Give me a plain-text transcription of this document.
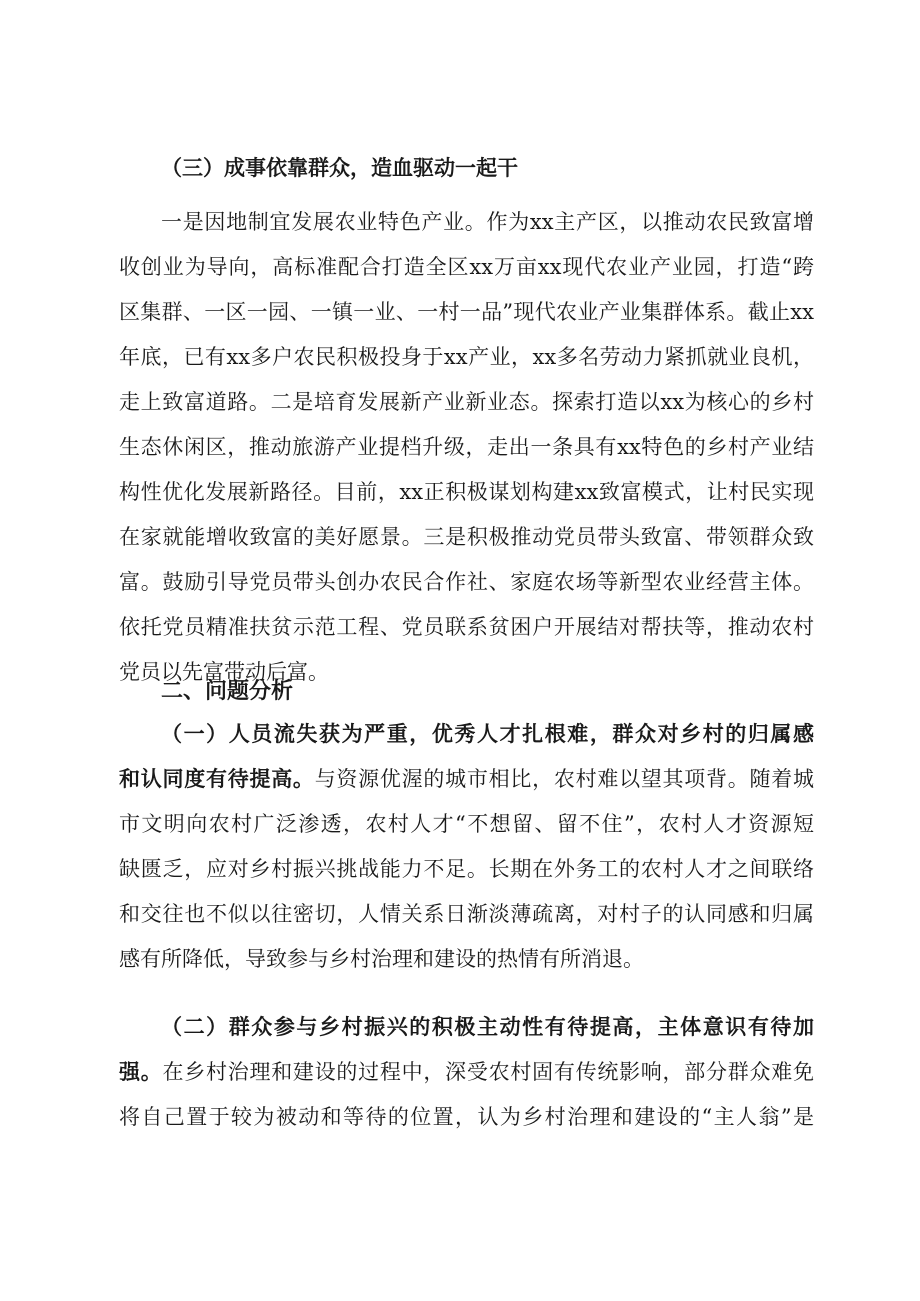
（三）成事依靠群众，造血驱动一起干
一是因地制宜发展农业特色产业。作为xx主产区，以推动农民致富增
收创业为导向，高标准配合打造全区xx万亩xx现代农业产业园，打造“跨
区集群、一区一园、一镇一业、一村一品”现代农业产业集群体系。截止xx
年底，已有xx多户农民积极投身于xx产业，xx多名劳动力紧抓就业良机，
走上致富道路。二是培育发展新产业新业态。探索打造以xx为核心的乡村
生态休闲区，推动旅游产业提档升级，走出一条具有xx特色的乡村产业结
构性优化发展新路径。目前，xx正积极谋划构建xx致富模式，让村民实现
在家就能增收致富的美好愿景。三是积极推动党员带头致富、带领群众致
富。鼓励引导党员带头创办农民合作社、家庭农场等新型农业经营主体。
依托党员精准扶贫示范工程、党员联系贫困户开展结对帮扶等，推动农村
党员以先富带动后富。
二、问题分析
（一）人员流失获为严重，优秀人才扎根难，群众对乡村的归属感
和认同度有待提高。与资源优渥的城市相比，农村难以望其项背。随着城
市文明向农村广泛渗透，农村人才“不想留、留不住”，农村人才资源短
缺匮乏，应对乡村振兴挑战能力不足。长期在外务工的农村人才之间联络
和交往也不似以往密切，人情关系日渐淡薄疏离，对村子的认同感和归属
感有所降低，导致参与乡村治理和建设的热情有所消退。
（二）群众参与乡村振兴的积极主动性有待提高，主体意识有待加
强。在乡村治理和建设的过程中，深受农村固有传统影响，部分群众难免
将自己置于较为被动和等待的位置，认为乡村治理和建设的“主人翁”是
